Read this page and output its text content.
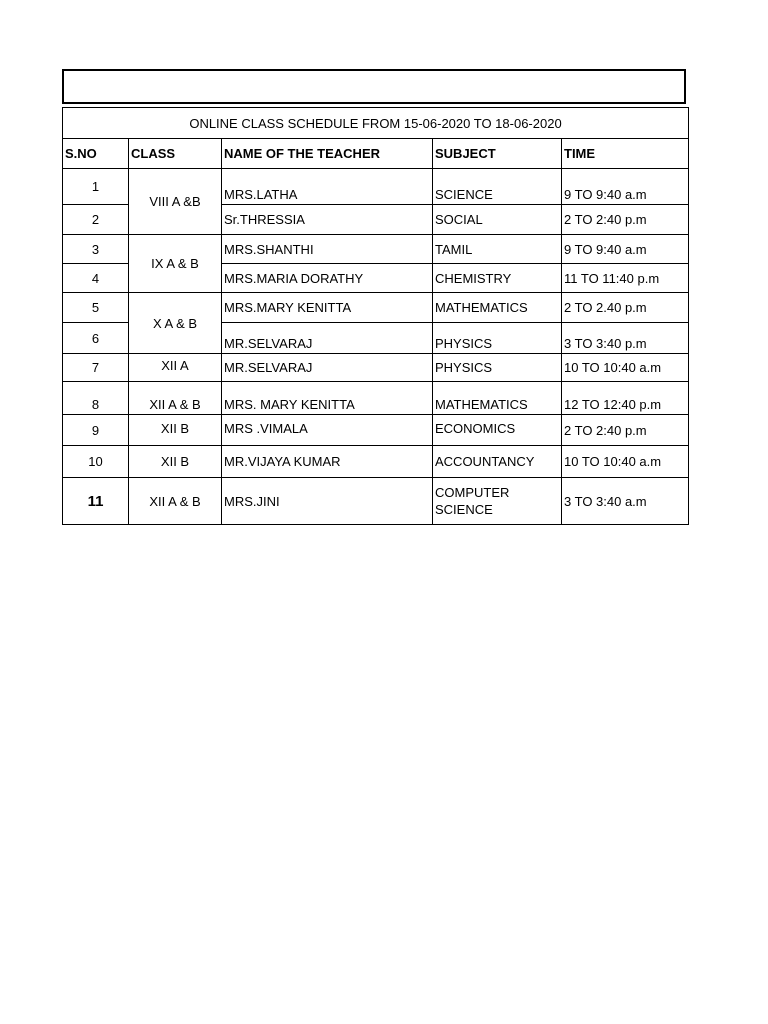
ONLINE CLASS SCHEDULE FROM 15-06-2020 TO 18-06-2020				
S.NO	CLASS	NAME OF THE TEACHER	SUBJECT	TIME
1	VIII A &B	MRS.LATHA	SCIENCE	9 TO 9:40 a.m
2		Sr.THRESSIA	SOCIAL	2 TO 2:40 p.m
3	IX A & B	MRS.SHANTHI	TAMIL	9 TO 9:40 a.m
4		MRS.MARIA DORATHY	CHEMISTRY	11 TO 11:40 p.m
5	X A & B	MRS.MARY KENITTA	MATHEMATICS	2 TO 2.40 p.m
6		MR.SELVARAJ	PHYSICS	3 TO 3:40 p.m
7	XII A	MR.SELVARAJ	PHYSICS	10 TO 10:40 a.m
8	XII A & B	MRS. MARY KENITTA	MATHEMATICS	12 TO 12:40 p.m
9	XII B	MRS .VIMALA	ECONOMICS	2 TO 2:40 p.m
10	XII B	MR.VIJAYA KUMAR	ACCOUNTANCY	10 TO 10:40 a.m
11	XII A & B	MRS.JINI	COMPUTER SCIENCE	3 TO 3:40 a.m
